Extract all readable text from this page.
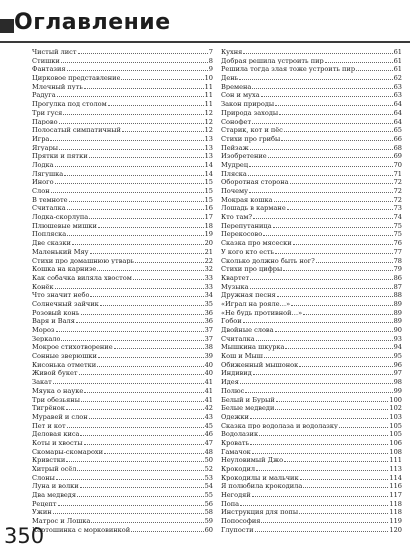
Оглавление
Чистый лист	7
Стишки	8
Фантазия	9
Цирковое представление	10
Млечный путь	11
Радуга	11
Прогулка под столом	11
Три гуся	12
Парово	12
Полосатый симпатичный	12
Игра	13
Ягуары	13
Прятки и пятки	13
Лодка	14
Лягушка	14
Иного	15
Слон	15
В темноте	15
Считалка	16
Лодка-скорлупа	17
Плюшевые мишки	18
Попляска	19
Две сказки	20
Маленький Мяу	21
Стихи про домашнюю утварь	22
Кошка на карнизе	32
Как собачка виляла хвостом	33
Конёк	33
Что значит небо	34
Солнечный зайчик	35
Розовый конь	36
Варя и Валя	36
Мороз	37
Зеркало	37
Мокрое стихотворение	38
Сонные зверюшки	39
Кисонька отметки	40
Живой букет	40
Закат	41
Мяука о науке	41
Три обезьяны	41
Тигрёнок	42
Муравей и слон	43
Пет и кот	45
Деловая киса	46
Коты и хвосты	47
Скомары-скомарохи	48
Кривстки	50
Хитрый осёл	52
Слоны	53
Луна и волки	54
Два медведя	55
Рецепт	56
Ужин	58
Матрос и Лошка	59
Картошинка с морковинкой	60
Кухня	61
Добрая решила устроить пир	61
Решила тогда злая тоже устроить пир	61
День	62
Времена	63
Сон и муха	63
Закон природы	64
Природа заходы	64
Сонофет	64
Старик, кот и пёс	65
Стихи про грибы	66
Пейзаж	68
Изобретение	69
Мудрец	70
Пляска	71
Оборотная сторона	72
Почему	72
Мокрая кошка	72
Лошадь в кармане	73
Кто там?	74
Перепутаница	75
Перекосово	75
Сказка про мясески	76
У кого кто есть	77
Сколько должно быть ног?	78
Стихи про цифры	79
Квартет	86
Музыка	87
Дружная песня	88
«Играл на рояле…»	89
«Не будь противной…»	89
Гобои	89
Двойные слова	90
Считалка	93
Мышкина шкурка	94
Кош и Мыш	95
Обиженный мышонок	96
Индивид	97
Идея	98
Полюс	99
Белый и Бурый	100
Белые медведи	102
Одежки	103
Сказка про водолаза и водолазку	105
Водолазик	105
Кровать	106
Гамачок	108
Неуловимый Джо	111
Крокодил	113
Крокодилы и мальчик	114
Я полюбила крокодила	116
Негодяй	117
Попа	118
Инструкция для попы	118
Попософия	119
Глупости	120
350
